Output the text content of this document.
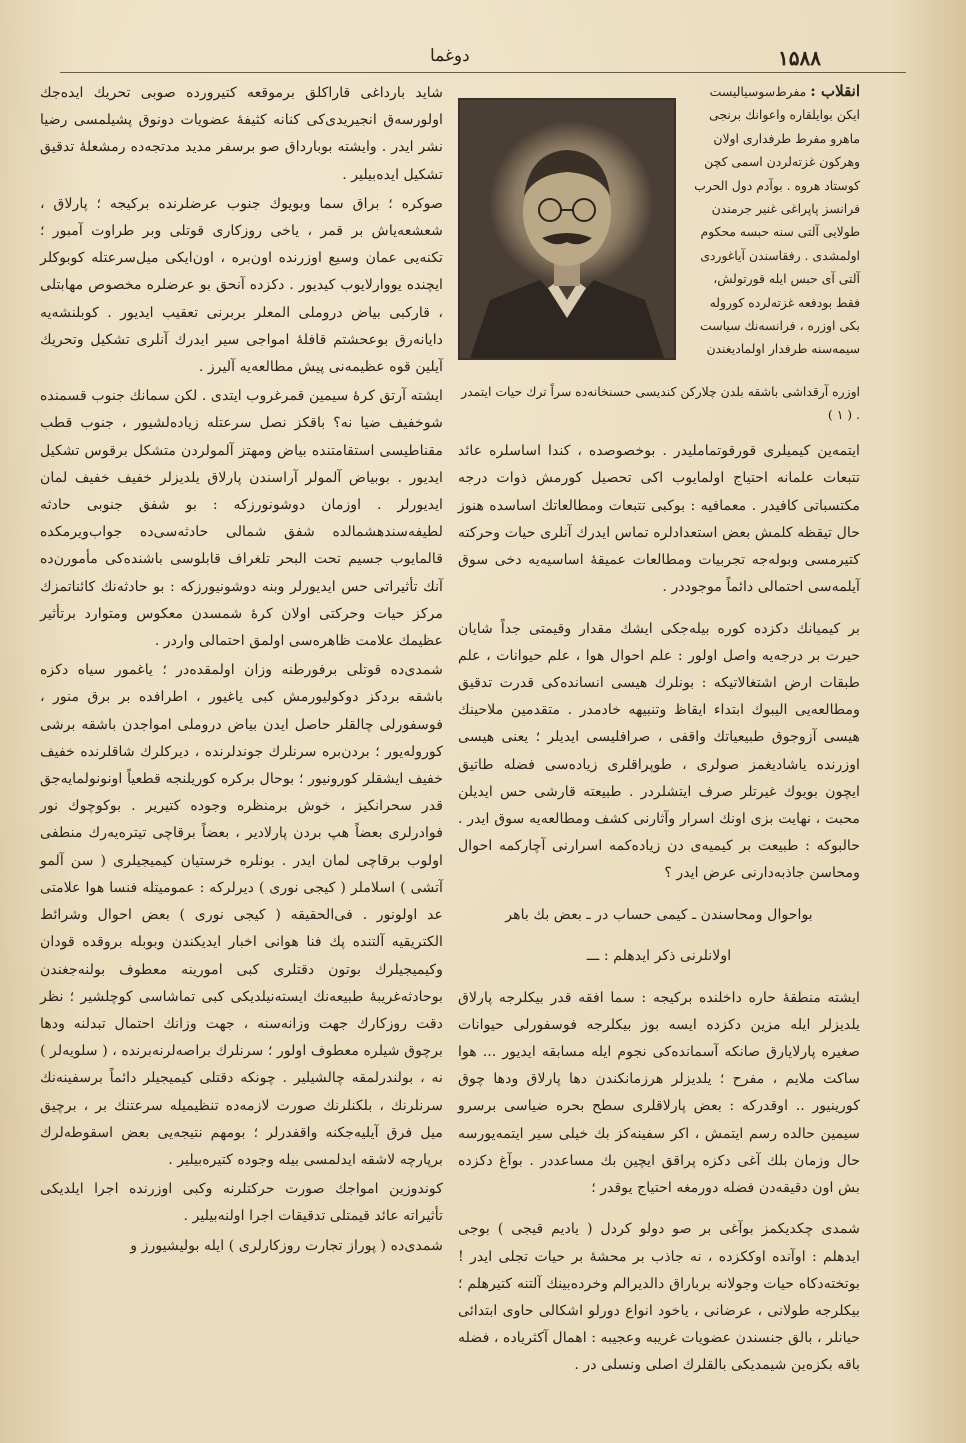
۱۵۸۸
دوغما
انقلاب : مفرط‌سوسیالیست ایکن بوایلقاره واعوانك برنجی ماهرو مفرط طرفداری اولان وهركون غزته‌لردن اسمی كچن كوستاد هروه . بوآدم دول الحرب فرانسز پاپراغی غنیر جرمندن طولایی آلتی سنه حبسه محكوم اولمشدی . رفقاسندن آیاغوردی آلتی آی حبس ایله قورتولش، فقط بودفعه غزته‌لرده كوروله بكی اوزره ، فرانسه‌نك سیاست سیمه‌سنه طرفدار اولمادیغندن
اوزره آرقداشی باشقه بلدن چلاركن كندیسی حسنخانه‌ده سراً ترك حیات ایتمدر . ( ۱ )

ایتمه‌ین كیمیلری قورقوتماملیدر . بوخصوصده ، كندا اساسلره عائد تتبعات علمانه احتیاج اولمایوب اكی تحصیل كورمش ذوات درجه مكتسباتی كافیدر . معمافیه : بوكبی تتبعات ومطالعاتك اساسده هنوز حال تیقظه كلمش بعض استعدادلره تماس ایدرك آنلری حیات وحركته كتیرمسی وبوله‌جه تجربیات ومطالعات عمیقهٔ اساسیه‌یه دخی سوق آیلمه‌سی احتمالی دائماً موجوددر .

بر كیمیانك دكزده كوره بیله‌جكی ایشك مقدار وقیمتی جداً شایان حیرت بر درجه‌یه واصل اولور : علم احوال هوا ، علم حیوانات ، علم طبقات ارض اشتغالاتیكه : بونلرك هیسی انسانده‌كی قدرت تدقیق ومطالعه‌یی الیبوك ابتداء ایقاظ وتنبیهه خادمدر . متقدمین ملاحینك هیسی آزوجوق طبیعیاتك واقفی ، صرافلیسی ایدیلر ؛ یعنی هیسی اوزرنده یاشادیغمز صولری ، طوپراقلری زیاده‌سی فضله طاتیق ایچون بویوك غیرتلر صرف ایتشلردر . طبیعته قارشی حس ایدیلن محبت ، نهایت بزی اونك اسرار وآثارنی كشف ومطالعه‌یه سوق ایدر . حالبوكه : طبیعت بر كیمیه‌ی دن زیاده‌كمه اسرارنی آچاركمه احوال ومحاسن جاذبه‌دارنی عرض ایدر ؟

بواحوال ومحاسندن ـ كیمی حساب در ـ بعض بك باهر

اولانلرنی ذكر ایدهلم : ـــ

ایشته منطقهٔ حاره داخلنده بركیجه : سما افقه قدر بیكلرجه پارلاق یلدیزلر ایله مزین دكزده ایسه بوز بیكلرجه فوسفورلی حیوانات صغیره پارلایارق صانكه آسمانده‌كی نجوم ایله مسابقه ایدیور ... هوا ساكت ملایم ، مفرح ؛ یلدیزلر هرزمانكندن دها پارلاق ودها چوق كورینیور .. اوقدركه : بعض پارلاقلری سطح بحره ضیاسی برسرو سیمین حالده رسم ایتمش ، اكر سفینه‌كز بك خیلی سیر ایتمه‌یورسه حال وزمان بلك آغی دكزه پراقق ایچین بك مساعددر . بوآغ دكزده بش اون دقیقه‌دن فضله دورمغه احتیاج یوقدر ؛

شمدی چكدیكمز بوآغی بر صو دولو كردل ( یادیم قیجی ) بوجی ایدهلم : اوآنده اوككزده ، نه جاذب بر محشهٔ بر حیات تجلی ایدر ! بوتخته‌دكاه حیات وجولانه برباراق دالدیرالم وخرده‌بینك آلتنه كتیرهلم ؛ بیكلرجه طولانی ، عرضانی ، یاخود انواع دورلو اشكالی حاوی ابتدائی حیانلر ، بالق جنسندن عضویات غریبه وعجیبه : اهمال آكثریاده ، فضله باقه بكزه‌ین شیمدیكی بالقلرك اصلی ونسلی در .

شاید بارداغی قاراكلق برموقعه كتیرورده صوبی تحریك ایده‌جك اولورسه‌ق انجیریدی‌كی كنانه كثیفهٔ عضویات دونوق پشیلمسی رضیا نشر ایدر . وایشته بوبارداق صو برسفر مدید مدتجه‌ده رمشعلهٔ تدقیق تشكیل ایده‌بیلیر .

صوكره ؛ براق سما وبویوك جنوب عرضلرنده بركیجه ؛ پارلاق ، شعشعه‌یاش بر قمر ، یاخی روزكاری قوتلی وبر طراوت آمبور ؛ تكنه‌یی عمان وسیع اوزرنده اون‌بره ، اون‌ایكی میل‌سرعتله كوبوكلر ایچنده یووارلایوب كیدیور . دكزده آنحق بو عرضلره مخصوص مهابتلی ، قاركبی بیاض دروملی المعلر بربرنی تعقیب ایدیور . كوبلنشه‌یه دایانه‌رق بوعحشتم قافلهٔ امواجی سیر ایدرك آنلری تشكیل وتحریك آیلین قوه عظیمه‌نی پیش مطالعه‌یه آلیرز .

ایشته آرتق كرهٔ سیمین قمرغروب ایتدی . لكن سمانك جنوب قسمنده شوخفیف ضیا نه‌؟ باقكز نصل سرعتله زیاده‌لشیور ، جنوب قطب مقناطیسی استقامتنده بیاض ومهتز آلمولردن متشكل برقوس تشكیل ایدیور . بوبیاض آلمولر آراسندن پارلاق یلدیزلر خفیف خفیف لمان ایدیورلر . اوزمان دوشونورزكه : بو شفق جنوبی حادثه لطیفه‌سندهشمالده شفق شمالی حادثه‌سی‌ده جواب‌ویرمكده قالمایوب جسیم تحت البحر تلغراف قابلوسی باشنده‌كی مأمورن‌ده آنك تأثیراتی حس ایدیورلر وبنه دوشونیورزكه : بو حادثه‌نك كائناتمزك مركز حیات وحركتی اولان كرهٔ شمسدن معكوس ومتوارد برتأثیر عظیمك علامت ظاهره‌سی اولمق احتمالی واردر .

شمدی‌ده قوتلی برفورطنه وزان اولمقده‌در ؛ یاغمور سیاه دكزه باشقه بردكز دوكولیورمش كبی یاغیور ، اطرافده بر برق منور ، فوسفورلی چالقلر حاصل ایدن بیاض دروملی امواجدن باشقه برشی كوروله‌یور ؛ بردن‌بره سرنلرك جوندلرنده ، دیركلرك شاقلرنده خفیف خفیف ایشقلر كورونیور ؛ بوحال بركره كوریلنجه قطعیاً اونونولمایه‌جق قدر سحرانكیز ، خوش برمنظره وجوده كتیریر . بوكوچوك نور فوادرلری بعضاً هپ بردن پارلادیر ، بعضاً برقاچی تیتره‌یه‌رك منطفی اولوب برقاچی لمان ایدر . بونلره خرستیان كیمیجیلری ( سن آلمو آتشی ) اسلاملر ( كیجی نوری ) دیرلركه : عمومیتله فنسا هوا علامتی عد اولونور . فی‌الحقیقه ( كیجی نوری ) بعض احوال وشرائط الكتریقیه آلتنده پك فنا هوانی اخبار ایدیكندن وبوبله بروقده قودان وكیمیجیلرك بوتون دقتلری كبی امورینه معطوف بولنه‌جغندن بوحادثه‌غریبهٔ طبیعه‌نك ایسته‌نیلدیكی كبی تماشاسی كوچلشیر ؛ نظر دقت روزكارك جهت وزانه‌سنه ، جهت وزانك احتمال تبدلنه ودها برچوق شیلره معطوف اولور ؛ سرنلرك براصه‌لرنه‌‌برنده ، ( سلویه‌لر ) نه ، بولندرلمقه چالشیلیر . چونكه دقتلی كیمیجیلر دائماً برسفینه‌نك سرنلرنك ، بلكنلرنك صورت لازمه‌ده تنظیمیله سرعتنك بر ، برچیق میل فرق آیلیه‌جكنه واقفدرلر ؛ بومهم نتیجه‌یی بعض اسقوطه‌لرك برپارچه لاشقه ایدلمسی بیله وجوده كتیره‌بیلیر .

كوندوزین امواجك صورت حركتلرنه وكبی اوزرنده اجرا ایلدیكی تأثیراته عائد قیمتلی تدقیقات اجرا اولنه‌بیلیر .

شمدی‌ده ( پوراز تجارت روزكارلری ) ایله بوليشيورز و
